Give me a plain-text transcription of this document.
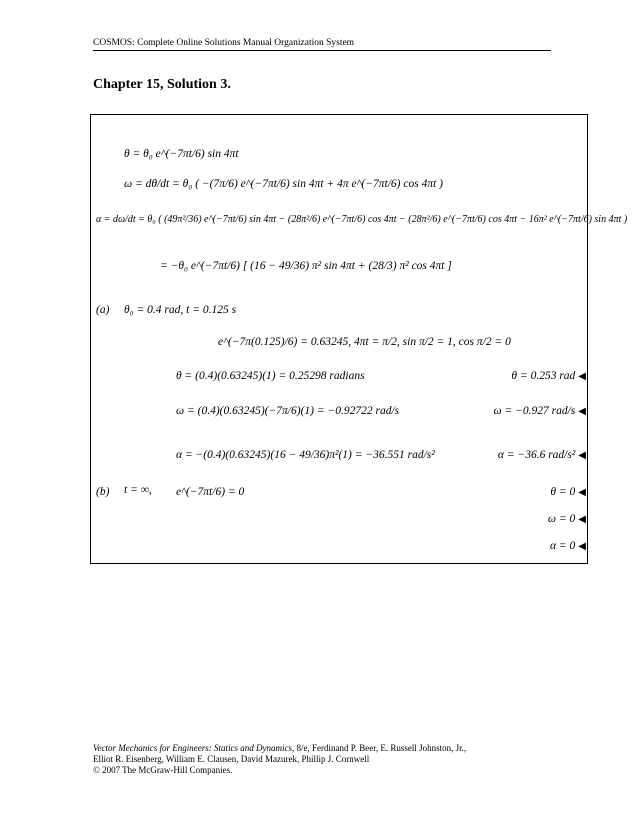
COSMOS: Complete Online Solutions Manual Organization System
Chapter 15, Solution 3.
θ = θ₀ e^(−7πt/6) sin 4πt
ω = dθ/dt = θ₀ ( −(7π/6) e^(−7πt/6) sin 4πt + 4π e^(−7πt/6) cos 4πt )
α = dω/dt = θ₀ ( (49π²/36) e^(−7πt/6) sin 4πt − (28π²/6) e^(−7πt/6) cos 4πt − (28π²/6) e^(−7πt/6) cos 4πt − 16π² e^(−7πt/6) sin 4πt )
= −θ₀ e^(−7πt/6) [ (16 − 49/36) π² sin 4πt + (28/3) π² cos 4πt ]
(a) θ₀ = 0.4 rad, t = 0.125 s
e^(−7π(0.125)/6) = 0.63245, 4πt = π/2, sin π/2 = 1, cos π/2 = 0
θ = (0.4)(0.63245)(1) = 0.25298 radians	θ = 0.253 rad ◀
ω = (0.4)(0.63245)(−7π/6)(1) = −0.92722 rad/s	ω = −0.927 rad/s ◀
α = −(0.4)(0.63245)(16 − 49/36)π²(1) = −36.551 rad/s²	α = −36.6 rad/s² ◀
(b) t = ∞, e^(−7πt/6) = 0	θ = 0 ◀
ω = 0 ◀
α = 0 ◀
Vector Mechanics for Engineers: Statics and Dynamics, 8/e, Ferdinand P. Beer, E. Russell Johnston, Jr.,
Elliot R. Eisenberg, William E. Clausen, David Mazurek, Phillip J. Cornwell
© 2007 The McGraw-Hill Companies.
